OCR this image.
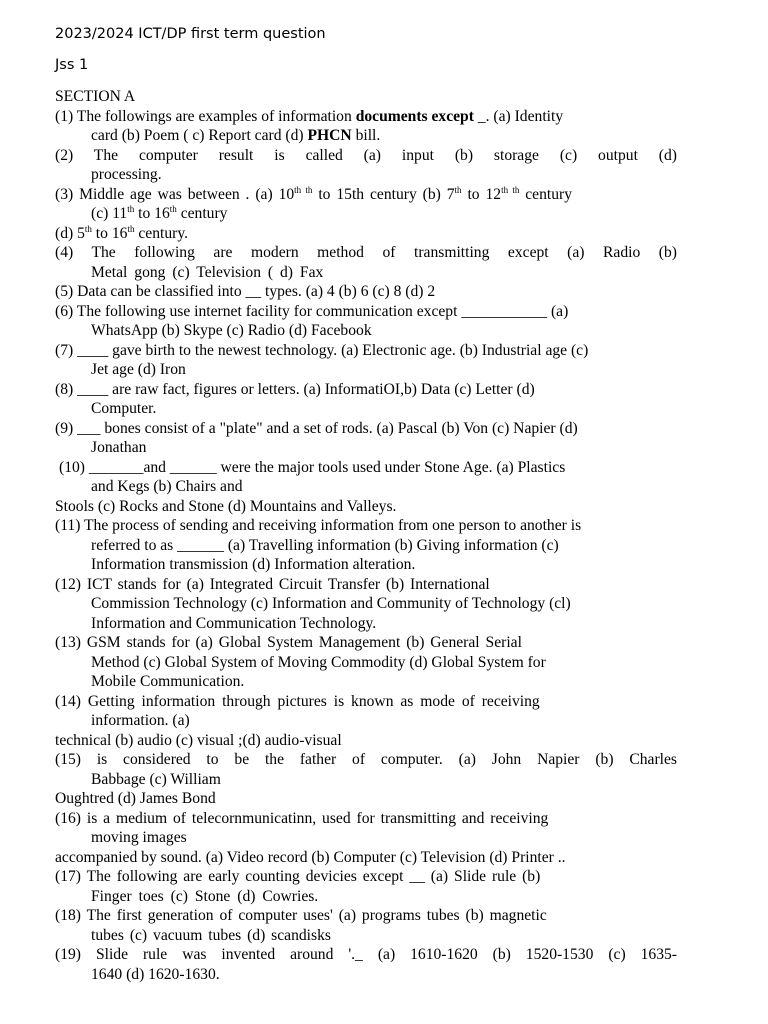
2023/2024 ICT/DP first term question
Jss 1
SECTION A
(1) The followings are examples of information documents except _. (a) Identity
card (b) Poem ( c) Report card (d) PHCN bill.
(2) The computer result is called (a) input (b) storage (c) output (d)
processing.
(3) Middle age was between . (a) $10^{th th}$ to 15th century (b) 7th to $12^{th th}$ century
(c) 11th to 16th century
(d) 5th to 16th century.
(4) The following are modern method of transmitting except (a) Radio (b)
Metal gong (c) Television ( d) Fax
(5) Data can be classified into __ types. (a) 4 (b) 6 (c) 8 (d) 2
(6) The following use internet facility for communication except ___________ (a)
WhatsApp (b) Skype (c) Radio (d) Facebook
(7) ____ gave birth to the newest technology. (a) Electronic age. (b) Industrial age (c)
Jet age (d) Iron
(8) ____ are raw fact, figures or letters. (a) InformatiOI,b) Data (c) Letter (d)
Computer.
(9) ___ bones consist of a "plate" and a set of rods. (a) Pascal (b) Von (c) Napier (d)
Jonathan
(10) _______and ______ were the major tools used under Stone Age. (a) Plastics
and Kegs (b) Chairs and
Stools (c) Rocks and Stone (d) Mountains and Valleys.
(11) The process of sending and receiving information from one person to another is
referred to as ______ (a) Travelling information (b) Giving information (c)
Information transmission (d) Information alteration.
(12) ICT stands for (a) Integrated Circuit Transfer (b) International
Commission Technology (c) Information and Community of Technology (cl)
Information and Communication Technology.
(13) GSM stands for (a) Global System Management (b) General Serial
Method (c) Global System of Moving Commodity (d) Global System for
Mobile Communication.
(14) Getting information through pictures is known as mode of receiving
information. (a)
technical (b) audio (c) visual ;(d) audio-visual
(15) is considered to be the father of computer. (a) John Napier (b) Charles
Babbage (c) William
Oughtred (d) James Bond
(16) is a medium of telecornmunicatinn, used for transmitting and receiving
moving images
accompanied by sound. (a) Video record (b) Computer (c) Television (d) Printer ..
(17) The following are early counting devicies except __ (a) Slide rule (b)
Finger toes (c) Stone (d) Cowries.
(18) The first generation of computer uses' (a) programs tubes (b) magnetic
tubes (c) vacuum tubes (d) scandisks
(19) Slide rule was invented around '._ (a) 1610-1620 (b) 1520-1530 (c) 1635-
1640 (d) 1620-1630.
